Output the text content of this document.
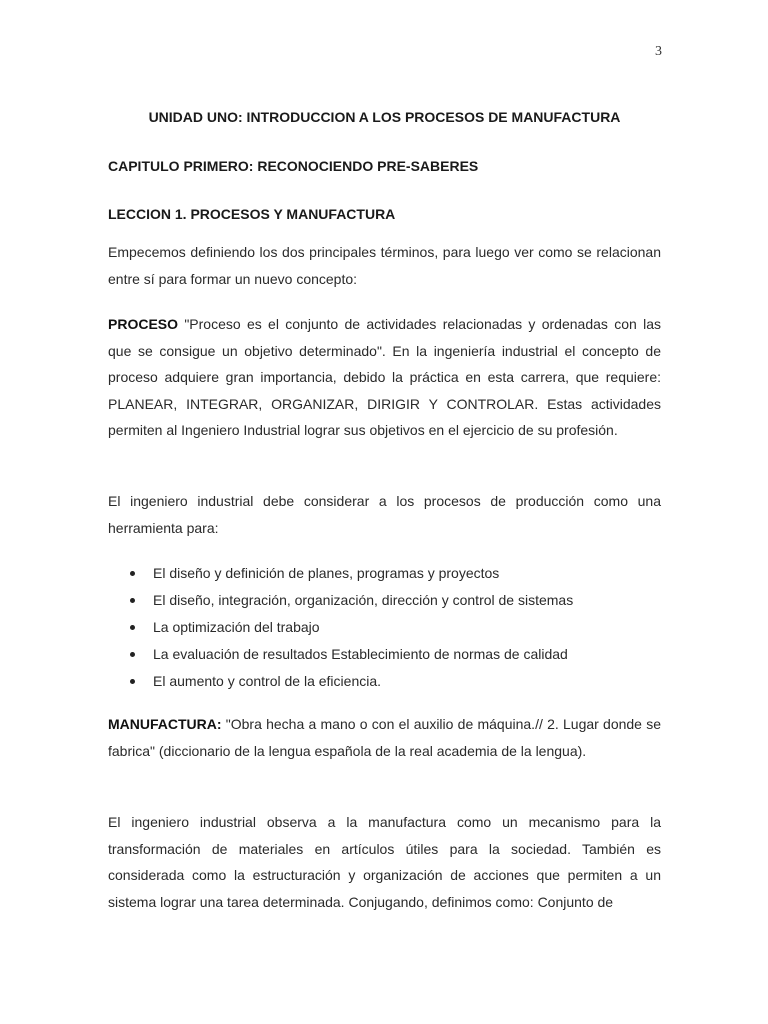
3
UNIDAD UNO: INTRODUCCION A LOS PROCESOS DE MANUFACTURA
CAPITULO PRIMERO: RECONOCIENDO PRE-SABERES
LECCION 1. PROCESOS Y MANUFACTURA

Empecemos definiendo los dos principales términos, para luego ver como se relacionan entre sí para formar un nuevo concepto:

PROCESO "Proceso es el conjunto de actividades relacionadas y ordenadas con las que se consigue un objetivo determinado". En la ingeniería industrial el concepto de proceso adquiere gran importancia, debido la práctica en esta carrera, que requiere: PLANEAR, INTEGRAR, ORGANIZAR, DIRIGIR Y CONTROLAR. Estas actividades permiten al Ingeniero Industrial lograr sus objetivos en el ejercicio de su profesión.

El ingeniero industrial debe considerar a los procesos de producción como una herramienta para:

El diseño y definición de planes, programas y proyectos
El diseño, integración, organización, dirección y control de sistemas
La optimización del trabajo
La evaluación de resultados Establecimiento de normas de calidad
El aumento y control de la eficiencia.

MANUFACTURA: "Obra hecha a mano o con el auxilio de máquina.// 2. Lugar donde se fabrica" (diccionario de la lengua española de la real academia de la lengua).

El ingeniero industrial observa a la manufactura como un mecanismo para la transformación de materiales en artículos útiles para la sociedad. También es considerada como la estructuración y organización de acciones que permiten a un sistema lograr una tarea determinada. Conjugando, definimos como: Conjunto de
